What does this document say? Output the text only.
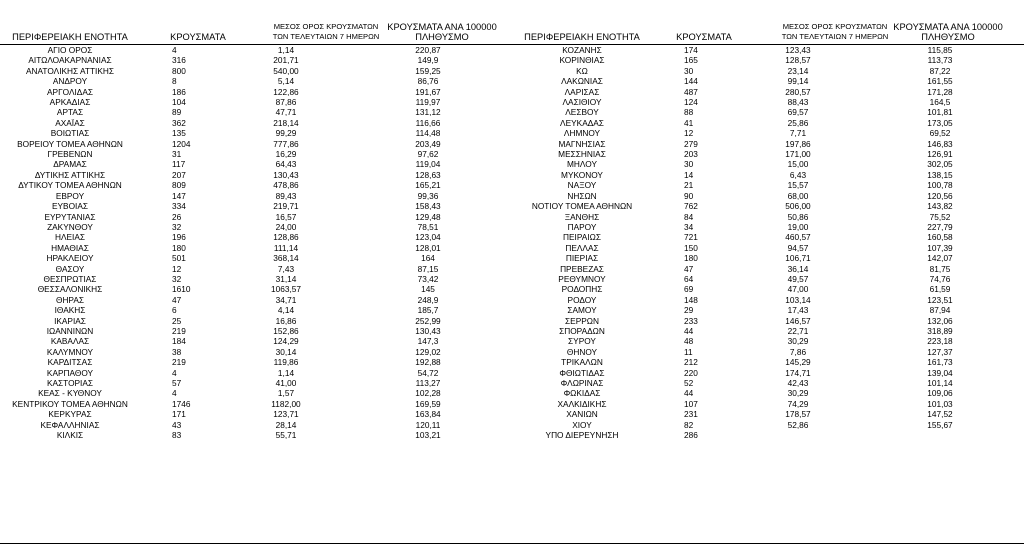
ΠΕΡΙΦΕΡΕΙΑΚΗ ΕΝΟΤΗΤΑ	ΚΡΟΥΣΜΑΤΑ
ΜΕΣΟΣ ΟΡΟΣ ΚΡΟΥΣΜΑΤΩΝ
ΤΩΝ ΤΕΛΕΥΤΑΙΩΝ 7 ΗΜΕΡΩΝ
ΚΡΟΥΣΜΑΤΑ ΑΝΑ 100000
ΠΛΗΘΥΣΜΟ
ΑΓΙΟ ΟΡΟΣ	4	1,14	220,87
ΑΙΤΩΛΟΑΚΑΡΝΑΝΙΑΣ	316	201,71	149,9
ΑΝΑΤΟΛΙΚΗΣ ΑΤΤΙΚΗΣ	800	540,00	159,25
ΑΝΔΡΟΥ	8	5,14	86,76
ΑΡΓΟΛΙΔΑΣ	186	122,86	191,67
ΑΡΚΑΔΙΑΣ	104	87,86	119,97
ΑΡΤΑΣ	89	47,71	131,12
ΑΧΑΪΑΣ	362	218,14	116,66
ΒΟΙΩΤΙΑΣ	135	99,29	114,48
ΒΟΡΕΙΟΥ ΤΟΜΕΑ ΑΘΗΝΩΝ	1204	777,86	203,49
ΓΡΕΒΕΝΩΝ	31	16,29	97,62
ΔΡΑΜΑΣ	117	64,43	119,04
ΔΥΤΙΚΗΣ ΑΤΤΙΚΗΣ	207	130,43	128,63
ΔΥΤΙΚΟΥ ΤΟΜΕΑ ΑΘΗΝΩΝ	809	478,86	165,21
ΕΒΡΟΥ	147	89,43	99,36
ΕΥΒΟΙΑΣ	334	219,71	158,43
ΕΥΡΥΤΑΝΙΑΣ	26	16,57	129,48
ΖΑΚΥΝΘΟΥ	32	24,00	78,51
ΗΛΕΙΑΣ	196	128,86	123,04
ΗΜΑΘΙΑΣ	180	111,14	128,01
ΗΡΑΚΛΕΙΟΥ	501	368,14	164
ΘΑΣΟΥ	12	7,43	87,15
ΘΕΣΠΡΩΤΙΑΣ	32	31,14	73,42
ΘΕΣΣΑΛΟΝΙΚΗΣ	1610	1063,57	145
ΘΗΡΑΣ	47	34,71	248,9
ΙΘΑΚΗΣ	6	4,14	185,7
ΙΚΑΡΙΑΣ	25	16,86	252,99
ΙΩΑΝΝΙΝΩΝ	219	152,86	130,43
ΚΑΒΑΛΑΣ	184	124,29	147,3
ΚΑΛΥΜΝΟΥ	38	30,14	129,02
ΚΑΡΔΙΤΣΑΣ	219	119,86	192,88
ΚΑΡΠΑΘΟΥ	4	1,14	54,72
ΚΑΣΤΟΡΙΑΣ	57	41,00	113,27
ΚΕΑΣ - ΚΥΘΝΟΥ	4	1,57	102,28
ΚΕΝΤΡΙΚΟΥ ΤΟΜΕΑ ΑΘΗΝΩΝ	1746	1182,00	169,59
ΚΕΡΚΥΡΑΣ	171	123,71	163,84
ΚΕΦΑΛΛΗΝΙΑΣ	43	28,14	120,11
ΚΙΛΚΙΣ	83	55,71	103,21
ΠΕΡΙΦΕΡΕΙΑΚΗ ΕΝΟΤΗΤΑ	ΚΡΟΥΣΜΑΤΑ
ΜΕΣΟΣ ΟΡΟΣ ΚΡΟΥΣΜΑΤΩΝ
ΤΩΝ ΤΕΛΕΥΤΑΙΩΝ 7 ΗΜΕΡΩΝ
ΚΡΟΥΣΜΑΤΑ ΑΝΑ 100000
ΠΛΗΘΥΣΜΟ
ΚΟΖΑΝΗΣ	174	123,43	115,85
ΚΟΡΙΝΘΙΑΣ	165	128,57	113,73
ΚΩ	30	23,14	87,22
ΛΑΚΩΝΙΑΣ	144	99,14	161,55
ΛΑΡΙΣΑΣ	487	280,57	171,28
ΛΑΣΙΘΙΟΥ	124	88,43	164,5
ΛΕΣΒΟΥ	88	69,57	101,81
ΛΕΥΚΑΔΑΣ	41	25,86	173,05
ΛΗΜΝΟΥ	12	7,71	69,52
ΜΑΓΝΗΣΙΑΣ	279	197,86	146,83
ΜΕΣΣΗΝΙΑΣ	203	171,00	126,91
ΜΗΛΟΥ	30	15,00	302,05
ΜΥΚΟΝΟΥ	14	6,43	138,15
ΝΑΞΟΥ	21	15,57	100,78
ΝΗΣΩΝ	90	68,00	120,56
ΝΟΤΙΟΥ ΤΟΜΕΑ ΑΘΗΝΩΝ	762	506,00	143,82
ΞΑΝΘΗΣ	84	50,86	75,52
ΠΑΡΟΥ	34	19,00	227,79
ΠΕΙΡΑΙΩΣ	721	460,57	160,58
ΠΕΛΛΑΣ	150	94,57	107,39
ΠΙΕΡΙΑΣ	180	106,71	142,07
ΠΡΕΒΕΖΑΣ	47	36,14	81,75
ΡΕΘΥΜΝΟΥ	64	49,57	74,76
ΡΟΔΟΠΗΣ	69	47,00	61,59
ΡΟΔΟΥ	148	103,14	123,51
ΣΑΜΟΥ	29	17,43	87,94
ΣΕΡΡΩΝ	233	146,57	132,06
ΣΠΟΡΑΔΩΝ	44	22,71	318,89
ΣΥΡΟΥ	48	30,29	223,18
ΘΗΝΟΥ	11	7,86	127,37
ΤΡΙΚΑΛΩΝ	212	145,29	161,73
ΦΘΙΩΤΙΔΑΣ	220	174,71	139,04
ΦΛΩΡΙΝΑΣ	52	42,43	101,14
ΦΩΚΙΔΑΣ	44	30,29	109,06
ΧΑΛΚΙΔΙΚΗΣ	107	74,29	101,03
ΧΑΝΙΩΝ	231	178,57	147,52
ΧΙΟΥ	82	52,86	155,67
ΥΠΟ ΔΙΕΡΕΥΝΗΣΗ	286
